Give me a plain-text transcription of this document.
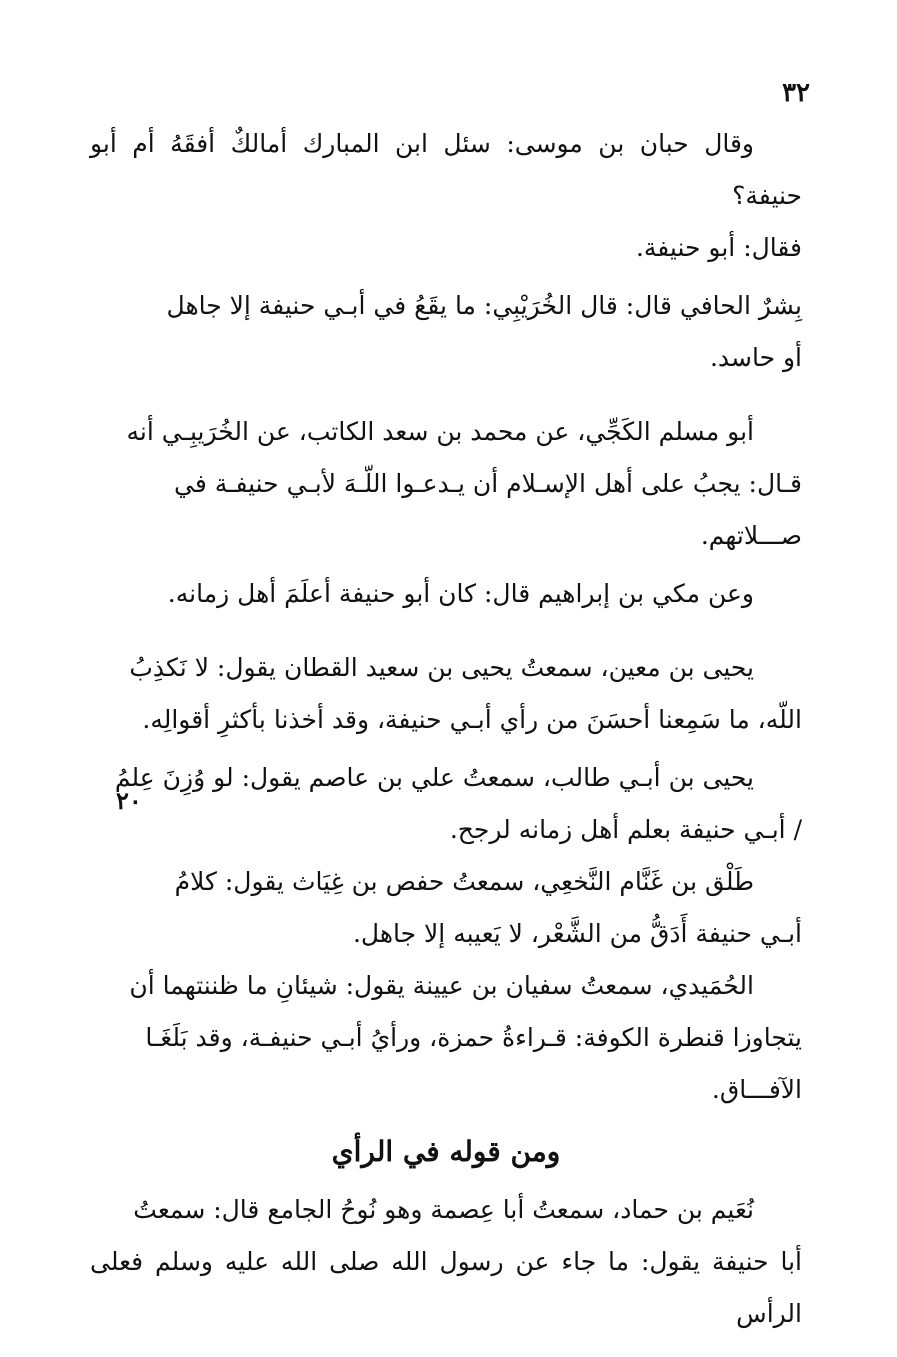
٣٢
٢٠

وقال حبان بن موسى: سئل ابن المبارك أمالكٌ أفقَهُ أم أبو حنيفة؟

فقال: أبو حنيفة.

بِشرٌ الحافي قال: قال الخُرَيْبِي: ما يقَعُ في أبـي حنيفة إلا جاهل

أو حاسد.

أبو مسلم الكَجِّي، عن محمد بن سعد الكاتب، عن الخُرَيبِـي أنه

قـال: يجبُ على أهل الإسـلام أن يـدعـوا اللّـهَ لأبـي حنيفـة في

صـــلاتهم.

وعن مكي بن إبراهيم قال: كان أبو حنيفة أعلَمَ أهل زمانه.

يحيى بن معين، سمعتُ يحيى بن سعيد القطان يقول: لا نَكذِبُ

اللّه، ما سَمِعنا أحسَنَ من رأي أبـي حنيفة، وقد أخذنا بأكثرِ أقوالِه.

يحيى بن أبـي طالب، سمعتُ علي بن عاصم يقول: لو وُزِنَ عِلمُ

/ أبـي حنيفة بعلم أهل زمانه لرجح.

طَلْق بن غَنَّام النَّخعِي، سمعتُ حفص بن غِيَاث يقول: كلامُ

أبـي حنيفة أَدَقُّ من الشَّعْر، لا يَعيبه إلا جاهل.

الحُمَيدي، سمعتُ سفيان بن عيينة يقول: شيئانِ ما ظننتهما أن

يتجاوزا قنطرة الكوفة: قـراءةُ حمزة، ورأيُ أبـي حنيفـة، وقد بَلَغَـا

الآفـــاق.

ومن قوله في الرأي

نُعَيم بن حماد، سمعتُ أبا عِصمة وهو نُوحُ الجامع قال: سمعتُ

أبا حنيفة يقول: ما جاء عن رسول الله صلى الله عليه وسلم فعلى الرأس
